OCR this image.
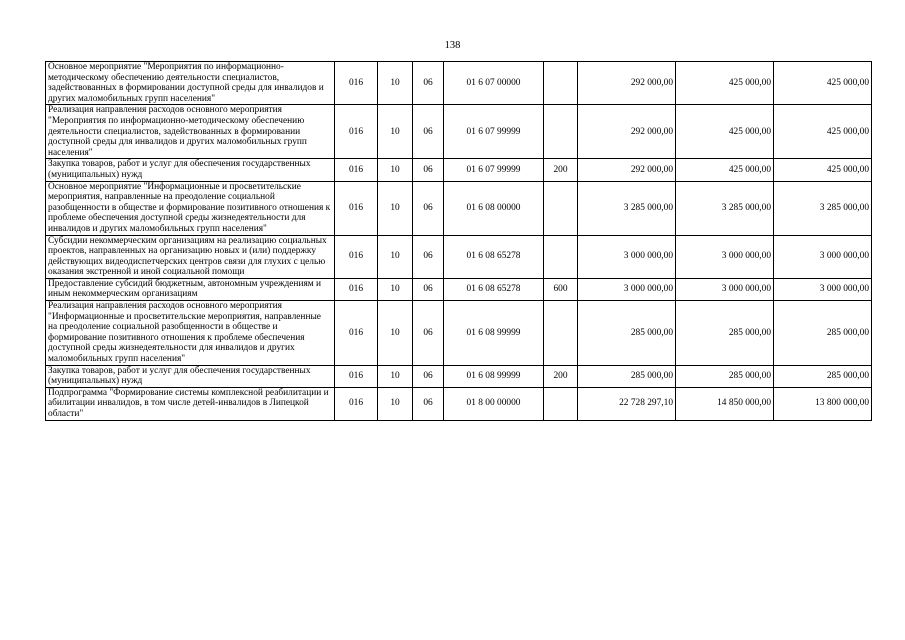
138
Основное мероприятие "Мероприятия по информационно-методическому обеспечению деятельности специалистов, задействованных в формировании доступной среды для инвалидов и других маломобильных групп населения"	016	10	06	01 6 07 00000		292 000,00	425 000,00	425 000,00
Реализация направления расходов основного мероприятия "Мероприятия по информационно-методическому обеспечению деятельности специалистов, задействованных в формировании доступной среды для инвалидов и других маломобильных групп населения"	016	10	06	01 6 07 99999		292 000,00	425 000,00	425 000,00
Закупка товаров, работ и услуг для обеспечения государственных (муниципальных) нужд	016	10	06	01 6 07 99999	200	292 000,00	425 000,00	425 000,00
Основное мероприятие "Информационные и просветительские мероприятия, направленные на преодоление социальной разобщенности в обществе и формирование позитивного отношения к проблеме обеспечения доступной среды жизнедеятельности для инвалидов и других маломобильных групп населения"	016	10	06	01 6 08 00000		3 285 000,00	3 285 000,00	3 285 000,00
Субсидии некоммерческим организациям на реализацию социальных проектов, направленных на организацию новых и (или) поддержку действующих видеодиспетчерских центров связи для глухих с целью оказания экстренной и иной социальной помощи	016	10	06	01 6 08 65278		3 000 000,00	3 000 000,00	3 000 000,00
Предоставление субсидий бюджетным, автономным учреждениям и иным некоммерческим организациям	016	10	06	01 6 08 65278	600	3 000 000,00	3 000 000,00	3 000 000,00
Реализация направления расходов основного мероприятия "Информационные и просветительские мероприятия, направленные на преодоление социальной разобщенности в обществе и формирование позитивного отношения к проблеме обеспечения доступной среды жизнедеятельности для инвалидов и других маломобильных групп населения"	016	10	06	01 6 08 99999		285 000,00	285 000,00	285 000,00
Закупка товаров, работ и услуг для обеспечения государственных (муниципальных) нужд	016	10	06	01 6 08 99999	200	285 000,00	285 000,00	285 000,00
Подпрограмма "Формирование системы комплексной реабилитации и абилитации инвалидов, в том числе детей-инвалидов в Липецкой области"	016	10	06	01 8 00 00000		22 728 297,10	14 850 000,00	13 800 000,00
